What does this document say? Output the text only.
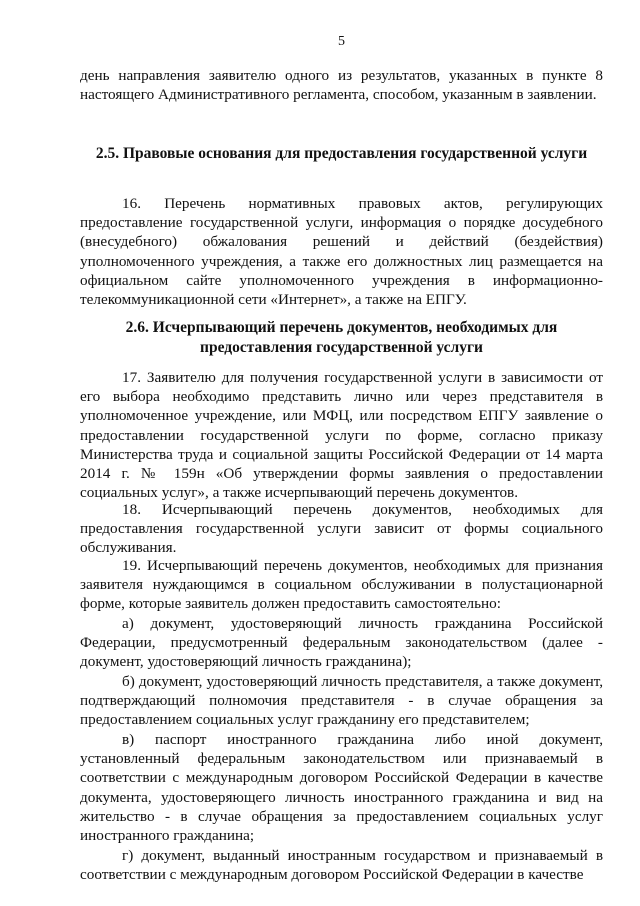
5

день направления заявителю одного из результатов, указанных в пункте 8 настоящего Административного регламента, способом, указанным в заявлении.

2.5. Правовые основания для предоставления государственной услуги

16. Перечень нормативных правовых актов, регулирующих предоставление государственной услуги, информация о порядке досудебного (внесудебного) обжалования решений и действий (бездействия) уполномоченного учреждения, а также его должностных лиц размещается на официальном сайте уполномоченного учреждения в информационно-телекоммуникационной сети «Интернет», а также на ЕПГУ.

2.6. Исчерпывающий перечень документов, необходимых для предоставления государственной услуги

17. Заявителю для получения государственной услуги в зависимости от его выбора необходимо представить лично или через представителя в уполномоченное учреждение, или МФЦ, или посредством ЕПГУ заявление о предоставлении государственной услуги по форме, согласно приказу Министерства труда и социальной защиты Российской Федерации от 14 марта 2014 г. № 159н «Об утверждении формы заявления о предоставлении социальных услуг», а также исчерпывающий перечень документов.

18. Исчерпывающий перечень документов, необходимых для предоставления государственной услуги зависит от формы социального обслуживания.

19. Исчерпывающий перечень документов, необходимых для признания заявителя нуждающимся в социальном обслуживании в полустационарной форме, которые заявитель должен предоставить самостоятельно:

а) документ, удостоверяющий личность гражданина Российской Федерации, предусмотренный федеральным законодательством (далее - документ, удостоверяющий личность гражданина);

б) документ, удостоверяющий личность представителя, а также документ, подтверждающий полномочия представителя - в случае обращения за предоставлением социальных услуг гражданину его представителем;

в) паспорт иностранного гражданина либо иной документ, установленный федеральным законодательством или признаваемый в соответствии с международным договором Российской Федерации в качестве документа, удостоверяющего личность иностранного гражданина и вид на жительство - в случае обращения за предоставлением социальных услуг иностранного гражданина;

г) документ, выданный иностранным государством и признаваемый в соответствии с международным договором Российской Федерации в качестве
